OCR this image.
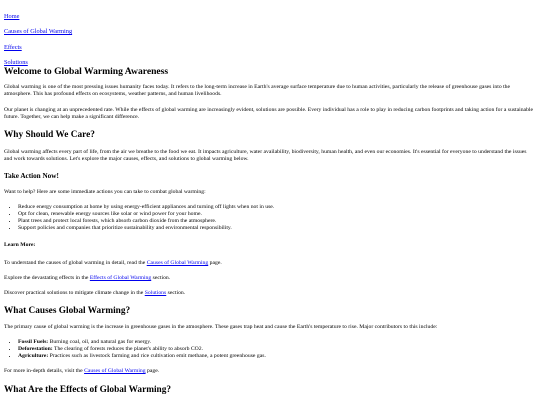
Home
Causes of Global Warming
Effects
Solutions
Welcome to Global Warming Awareness
Global warming is one of the most pressing issues humanity faces today. It refers to the long-term increase in Earth's average surface temperature due to human activities, particularly the release of greenhouse gases into the atmosphere. This has profound effects on ecosystems, weather patterns, and human livelihoods.
Our planet is changing at an unprecedented rate. While the effects of global warming are increasingly evident, solutions are possible. Every individual has a role to play in reducing carbon footprints and taking action for a sustainable future. Together, we can help make a significant difference.
Why Should We Care?
Global warming affects every part of life, from the air we breathe to the food we eat. It impacts agriculture, water availability, biodiversity, human health, and even our economies. It's essential for everyone to understand the issues and work towards solutions. Let's explore the major causes, effects, and solutions to global warming below.
Take Action Now!
Want to help? Here are some immediate actions you can take to combat global warming:
• Reduce energy consumption at home by using energy-efficient appliances and turning off lights when not in use.
• Opt for clean, renewable energy sources like solar or wind power for your home.
• Plant trees and protect local forests, which absorb carbon dioxide from the atmosphere.
• Support policies and companies that prioritize sustainability and environmental responsibility.
Learn More:
To understand the causes of global warming in detail, read the Causes of Global Warming page.
Explore the devastating effects in the Effects of Global Warming section.
Discover practical solutions to mitigate climate change in the Solutions section.
What Causes Global Warming?
The primary cause of global warming is the increase in greenhouse gases in the atmosphere. These gases trap heat and cause the Earth's temperature to rise. Major contributors to this include:
• Fossil Fuels: Burning coal, oil, and natural gas for energy.
• Deforestation: The clearing of forests reduces the planet's ability to absorb CO2.
• Agriculture: Practices such as livestock farming and rice cultivation emit methane, a potent greenhouse gas.
For more in-depth details, visit the Causes of Global Warming page.
What Are the Effects of Global Warming?
